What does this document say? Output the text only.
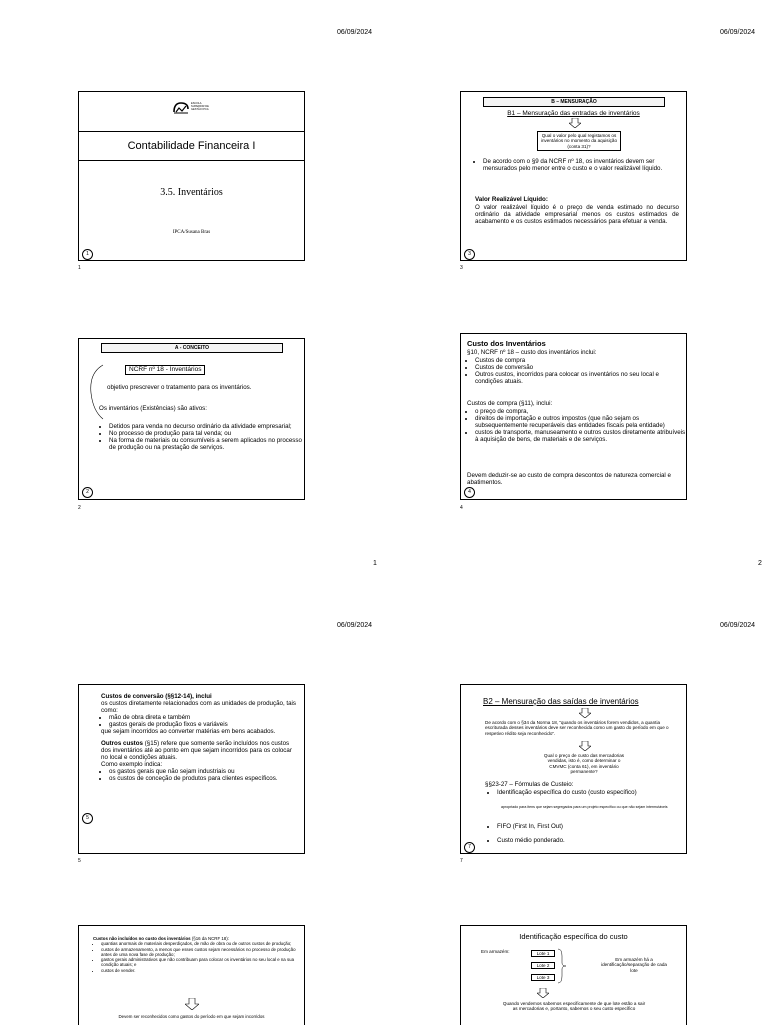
06/09/2024	06/09/2024
ESCOLA SUPERIOR DE GESTÃO IPCA
Contabilidade Financeira I
3.5. Inventários
IPCA/Susana Bras
1
1
B – MENSURAÇÃO
B1 – Mensuração das entradas de inventários
Qual o valor pelo qual registamos os inventários no momento da aquisição (conta 31)?
• De acordo com o §9 da NCRF nº 18, os inventários devem ser mensurados pelo menor entre o custo e o valor realizável líquido.
Valor Realizável Líquido:
O valor realizável líquido é o preço de venda estimado no decurso ordinário da atividade empresarial menos os custos estimados de acabamento e os custos estimados necessários para efetuar a venda.
3
3
A - CONCEITO
NCRF nº 18 - Inventários
objetivo prescrever o tratamento para os inventários.
Os inventários (Existências) são ativos:
• Detidos para venda no decurso ordinário da atividade empresarial;
• No processo de produção para tal venda; ou
• Na forma de materiais ou consumíveis a serem aplicados no processo de produção ou na prestação de serviços.
2
2
Custo dos Inventários
§10, NCRF nº 18 – custo dos inventários inclui:
• Custos de compra
• Custos de conversão
• Outros custos, incorridos para colocar os inventários no seu local e condições atuais.
Custos de compra (§11), inclui:
• o preço de compra,
• direitos de importação e outros impostos (que não sejam os subsequentemente recuperáveis das entidades fiscais pela entidade)
• custos de transporte, manuseamento e outros custos diretamente atribuíveis à aquisição de bens, de materiais e de serviços.
Devem deduzir-se ao custo de compra descontos de natureza comercial e abatimentos.
4
4
1	2
06/09/2024	06/09/2024
Custos de conversão (§§12-14), inclui
os custos diretamente relacionados com as unidades de produção, tais como:
• mão de obra direta e também
• gastos gerais de produção fixos e variáveis
que sejam incorridos ao converter matérias em bens acabados.
Outros custos (§15) refere que somente serão incluídos nos custos dos inventários até ao ponto em que sejam incorridos para os colocar no local e condições atuais.
Como exemplo indica:
• os gastos gerais que não sejam industriais ou
• os custos de conceção de produtos para clientes específicos.
5
5
B2 – Mensuração das saídas de inventários
De acordo com o §34 da Norma 18, "quando os inventários forem vendidos, a quantia escriturada desses inventários deve ser reconhecida como um gasto do período em que o respetivo rédito seja reconhecido".
Qual o preço de custo das mercadorias vendidas, isto é, como determinar o CMVMC (conta 61), em inventário permanente?
§§23-27 – Fórmulas de Custeio:
• Identificação específica do custo (custo específico)
apropriado para itens que sejam segregados para um projeto específico ou que não sejam intermutáveis
• FIFO (First In, First Out)
• Custo médio ponderado.
7
7
Custos não incluídos no custo dos inventários (§16 da NCRF 18):
• quantias anormais de materiais desperdiçados, de mão de obra ou de outros custos de produção;
• custos de armazenamento, a menos que esses custos sejam necessários no processo de produção antes de uma nova fase de produção;
• gastos gerais administrativos que não contribuam para colocar os inventários no seu local e na sua condição atuais; e
• custos de vender.
Devem ser reconhecidos como gastos do período em que sejam incorridos
Identificação específica do custo
Em armazém:	Lote 1
Lote 2
Lote 3
Em armazém há a identificação/separação de cada lote
Quando vendemos sabemos especificamente de que lote estão a sair as mercadorias e, portanto, sabemos o seu custo específico
